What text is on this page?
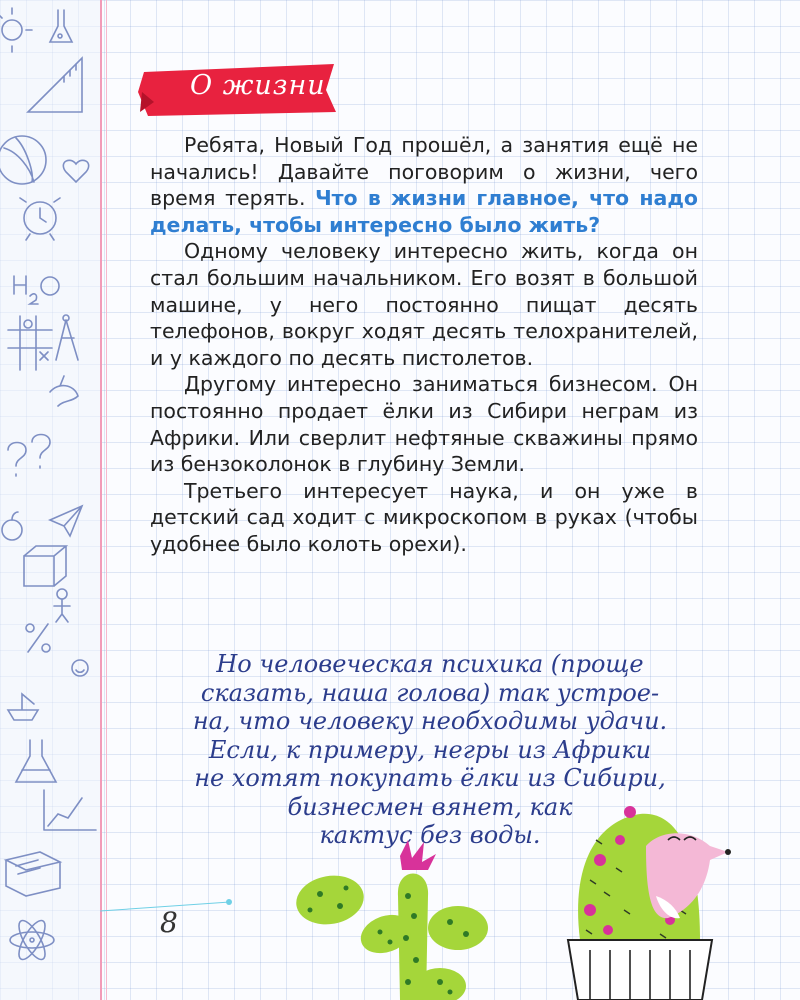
О жизни

Ребята, Новый Год прошёл, а занятия ещё не начались! Давайте поговорим о жизни, чего время терять. Что в жизни главное, что надо делать, чтобы интересно было жить?

Одному человеку интересно жить, когда он стал большим начальником. Его возят в большой машине, у него постоянно пищат десять телефонов, вокруг ходят десять телохранителей, и у каждого по десять пистолетов.

Другому интересно заниматься бизнесом. Он постоянно продает ёлки из Сибири неграм из Африки. Или сверлит нефтяные скважины прямо из бензоколонок в глубину Земли.

Третьего интересует наука, и он уже в детский сад ходит с микроскопом в руках (чтобы удобнее было колоть орехи).

Но человеческая психика (проще
сказать, наша голова) так устрое-
на, что человеку необходимы удачи.
Если, к примеру, негры из Африки
не хотят покупать ёлки из Сибири,
бизнесмен вянет, как
кактус без воды.
8
